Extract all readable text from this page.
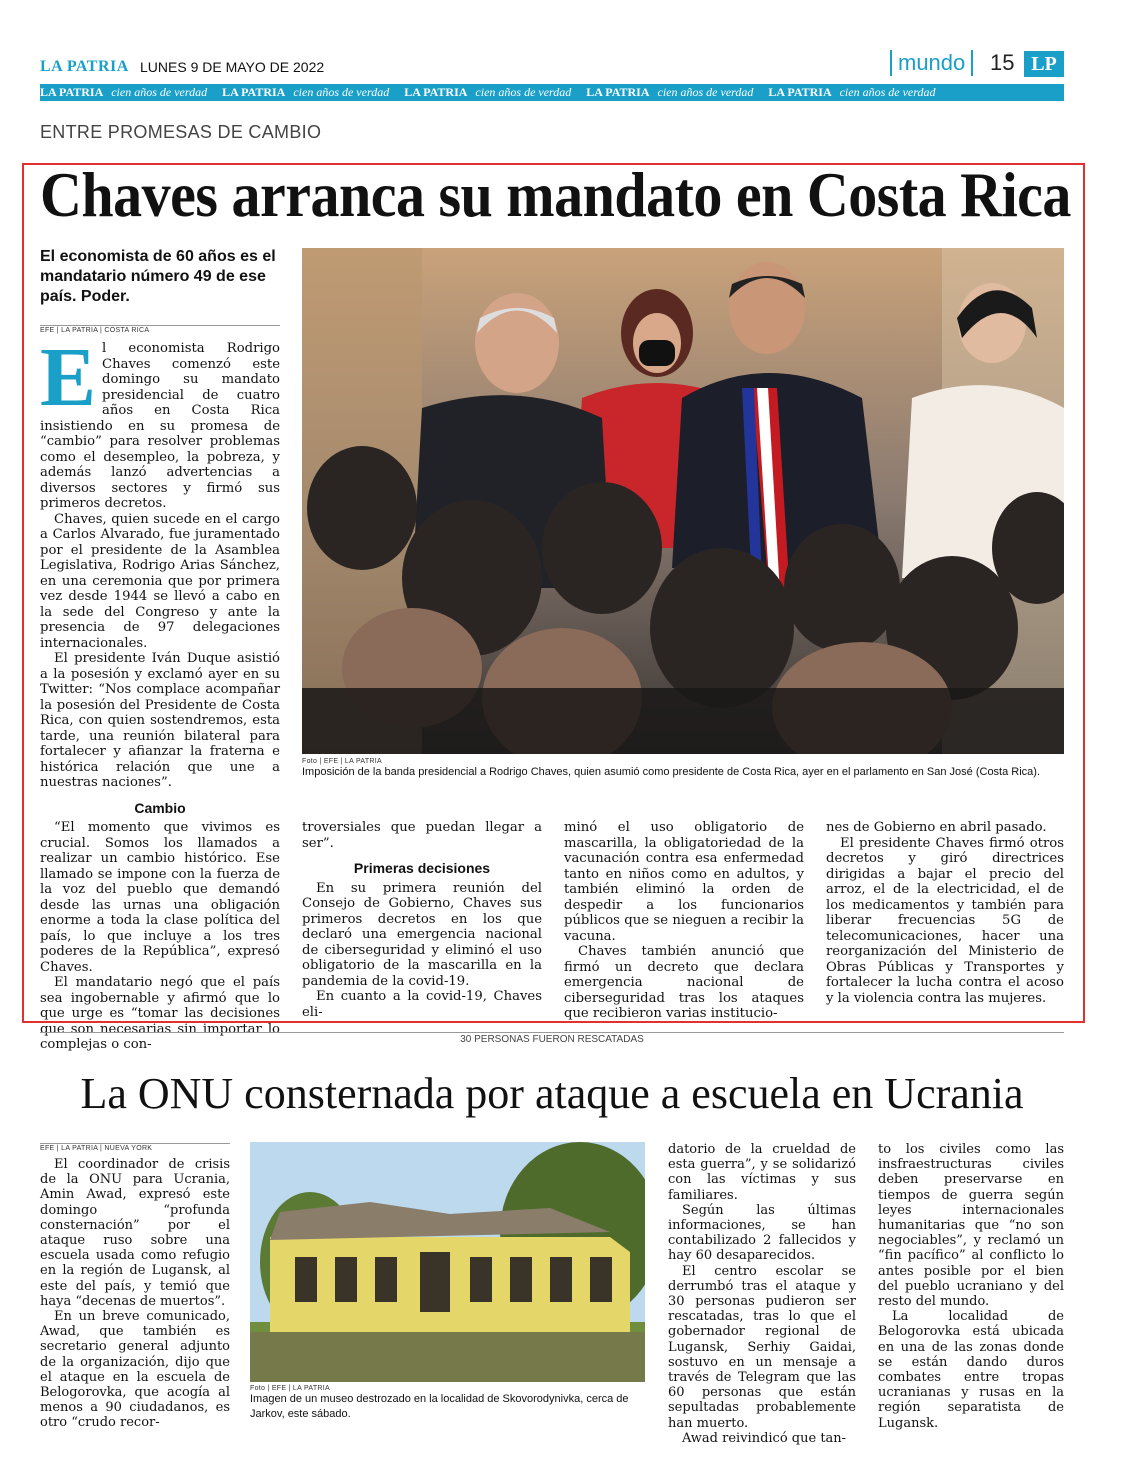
LA PATRIA LUNES 9 DE MAYO DE 2022	mundo	15 LP
LA PATRIA cien años de verdad LA PATRIA cien años de verdad LA PATRIA cien años de verdad LA PATRIA cien años de verdad LA PATRIA cien años de verdad
ENTRE PROMESAS DE CAMBIO
Chaves arranca su mandato en Costa Rica
El economista de 60 años es el mandatario número 49 de ese país. Poder.
EFE | LA PATRIA | COSTA RICA
E l economista Rodrigo Chaves comenzó este domingo su mandato presidencial de cuatro años en Costa Rica insistiendo en su promesa de “cambio” para resolver problemas como el desempleo, la pobreza, y además lanzó advertencias a diversos sectores y firmó sus primeros decretos.

Chaves, quien sucede en el cargo a Carlos Alvarado, fue juramentado por el presidente de la Asamblea Legislativa, Rodrigo Arias Sánchez, en una ceremonia que por primera vez desde 1944 se llevó a cabo en la sede del Congreso y ante la presencia de 97 delegaciones internacionales.

El presidente Iván Duque asistió a la posesión y exclamó ayer en su Twitter: “Nos complace acompañar la posesión del Presidente de Costa Rica, con quien sostendremos, esta tarde, una reunión bilateral para fortalecer y afianzar la fraterna e histórica relación que une a nuestras naciones”.

Cambio

“El momento que vivimos es crucial. Somos los llamados a realizar un cambio histórico. Ese llamado se impone con la fuerza de la voz del pueblo que demandó desde las urnas una obligación enorme a toda la clase política del país, lo que incluye a los tres poderes de la República”, expresó Chaves.

El mandatario negó que el país sea ingobernable y afirmó que lo que urge es “tomar las decisiones que son necesarias sin importar lo complejas o con-

Foto | EFE | LA PATRIA
Imposición de la banda presidencial a Rodrigo Chaves, quien asumió como presidente de Costa Rica, ayer en el parlamento en San José (Costa Rica).

troversiales que puedan llegar a ser”.

Primeras decisiones

En su primera reunión del Consejo de Gobierno, Chaves sus primeros decretos en los que declaró una emergencia nacional de ciberseguridad y eliminó el uso obligatorio de la mascarilla en la pandemia de la covid-19.

En cuanto a la covid-19, Chaves eli-

minó el uso obligatorio de mascarilla, la obligatoriedad de la vacunación contra esa enfermedad tanto en niños como en adultos, y también eliminó la orden de despedir a los funcionarios públicos que se nieguen a recibir la vacuna.

Chaves también anunció que firmó un decreto que declara emergencia nacional de ciberseguridad tras los ataques que recibieron varias institucio-

nes de Gobierno en abril pasado.

El presidente Chaves firmó otros decretos y giró directrices dirigidas a bajar el precio del arroz, el de la electricidad, el de los medicamentos y también para liberar frecuencias 5G de telecomunicaciones, hacer una reorganización del Ministerio de Obras Públicas y Transportes y fortalecer la lucha contra el acoso y la violencia contra las mujeres.

30 PERSONAS FUERON RESCATADAS
La ONU consternada por ataque a escuela en Ucrania
EFE | LA PATRIA | NUEVA YORK

El coordinador de crisis de la ONU para Ucrania, Amin Awad, expresó este domingo “profunda consternación” por el ataque ruso sobre una escuela usada como refugio en la región de Lugansk, al este del país, y temió que haya “decenas de muertos”.

En un breve comunicado, Awad, que también es secretario general adjunto de la organización, dijo que el ataque en la escuela de Belogorovka, que acogía al menos a 90 ciudadanos, es otro “crudo recor-

Foto | EFE | LA PATRIA
Imagen de un museo destrozado en la localidad de Skovorodynivka, cerca de Jarkov, este sábado.

datorio de la crueldad de esta guerra”, y se solidarizó con las víctimas y sus familiares.

Según las últimas informaciones, se han contabilizado 2 fallecidos y hay 60 desaparecidos.

El centro escolar se derrumbó tras el ataque y 30 personas pudieron ser rescatadas, tras lo que el gobernador regional de Lugansk, Serhiy Gaidai, sostuvo en un mensaje a través de Telegram que las 60 personas que están sepultadas probablemente han muerto.

Awad reivindicó que tan-

to los civiles como las insfraestructuras civiles deben preservarse en tiempos de guerra según leyes internacionales humanitarias que “no son negociables”, y reclamó un “fin pacífico” al conflicto lo antes posible por el bien del pueblo ucraniano y del resto del mundo.

La localidad de Belogorovka está ubicada en una de las zonas donde se están dando duros combates entre tropas ucranianas y rusas en la región separatista de Lugansk.
